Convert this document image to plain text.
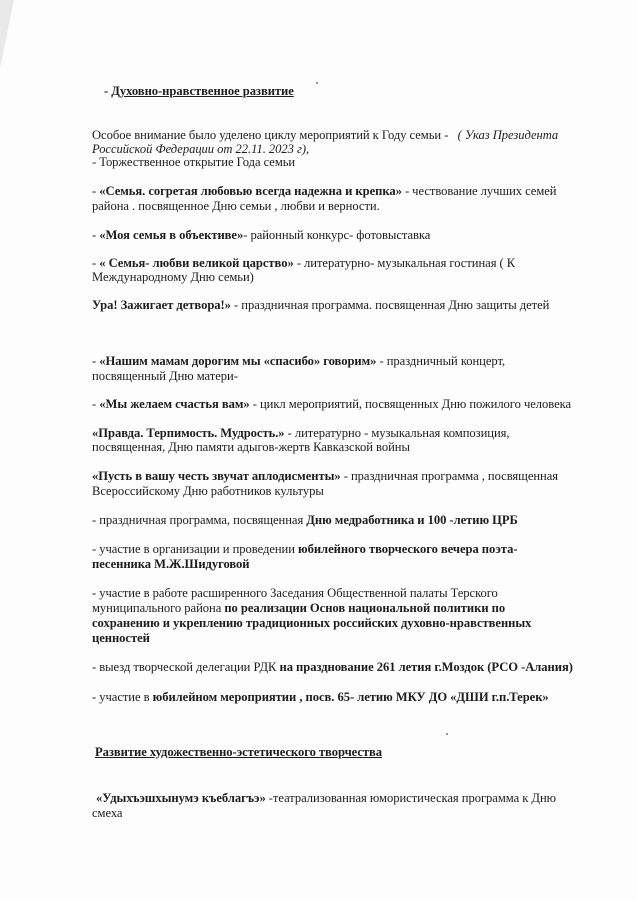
- Духовно-нравственное развитие
Особое внимание было уделено циклу мероприятий к Году семьи - ( Указ Президента
Российской Федерации от 22.11. 2023 г),
- Торжественное открытие Года семьи
- «Семья. согретая любовью всегда надежна и крепка» - чествование лучших семей
района . посвященное Дню семьи , любви и верности.
- «Моя семья в объективе»- районный конкурс- фотовыставка
- « Семья- любви великой царство» - литературно- музыкальная гостиная ( К
Международному Дню семьи)
Ура! Зажигает детвора!» - праздничная программа. посвященная Дню защиты детей
- «Нашим мамам дорогим мы «спасибо» говорим» - праздничный концерт,
посвященный Дню матери-
- «Мы желаем счастья вам» - цикл мероприятий, посвященных Дню пожилого человека
«Правда. Терпимость. Мудрость.» - литературно - музыкальная композиция,
посвященная, Дню памяти адыгов-жертв Кавказской войны
«Пусть в вашу честь звучат аплодисменты» - праздничная программа , посвященная
Всероссийскому Дню работников культуры
- праздничная программа, посвященная Дню медработника и 100 -летию ЦРБ
- участие в организации и проведении юбилейного творческого вечера поэта-
песенника М.Ж.Шидуговой
- участие в работе расширенного Заседания Общественной палаты Терского
муниципального района по реализации Основ национальной политики по
сохранению и укреплению традиционных российских духовно-нравственных
ценностей
- выезд творческой делегации РДК на празднование 261 летия г.Моздок (РСО -Алания)
- участие в юбилейном мероприятии , посв. 65- летию МКУ ДО «ДШИ г.п.Терек»
Развитие художественно-эстетического творчества
«Удыхъэшхынумэ къеблагъэ» -театрализованная юмористическая программа к Дню
смеха
